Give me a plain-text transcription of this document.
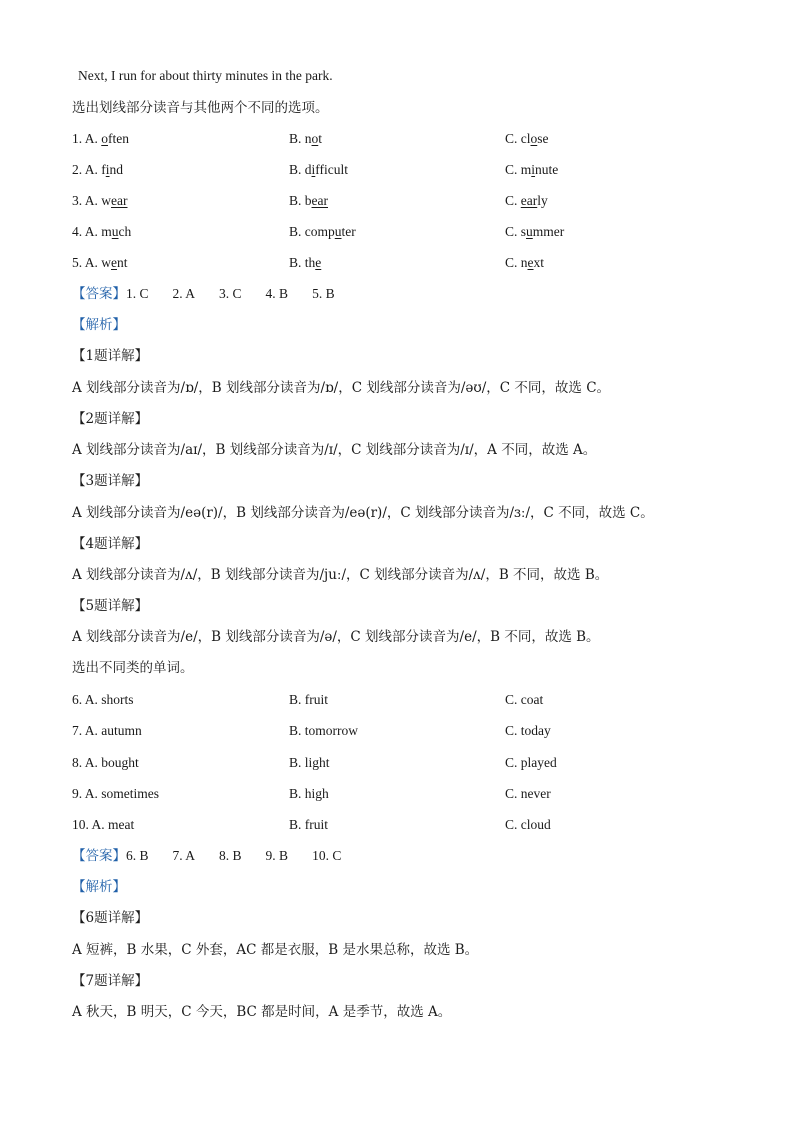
Next, I run for about thirty minutes in the park.
选出划线部分读音与其他两个不同的选项。
1. A. often	B. not	C. close
2. A. find	B. difficult	C. minute
3. A. wear	B. bear	C. early
4. A. much	B. computer	C. summer
5. A. went	B. the	C. next
【答案】1. C 2. A 3. C 4. B 5. B
【解析】
【1题详解】
A 划线部分读音为/ɒ/，B 划线部分读音为/ɒ/，C 划线部分读音为/əʊ/，C 不同，故选 C。
【2题详解】
A 划线部分读音为/aɪ/，B 划线部分读音为/ɪ/，C 划线部分读音为/ɪ/，A 不同，故选 A。
【3题详解】
A 划线部分读音为/eə(r)/，B 划线部分读音为/eə(r)/，C 划线部分读音为/ɜː/，C 不同，故选 C。
【4题详解】
A 划线部分读音为/ʌ/，B 划线部分读音为/juː/，C 划线部分读音为/ʌ/，B 不同，故选 B。
【5题详解】
A 划线部分读音为/e/，B 划线部分读音为/ə/，C 划线部分读音为/e/，B 不同，故选 B。
选出不同类的单词。
6. A. shorts	B. fruit	C. coat
7. A. autumn	B. tomorrow	C. today
8. A. bought	B. light	C. played
9. A. sometimes	B. high	C. never
10. A. meat	B. fruit	C. cloud
【答案】6. B 7. A 8. B 9. B 10. C
【解析】
【6题详解】
A 短裤，B 水果，C 外套，AC 都是衣服，B 是水果总称，故选 B。
【7题详解】
A 秋天，B 明天，C 今天，BC 都是时间，A 是季节，故选 A。
